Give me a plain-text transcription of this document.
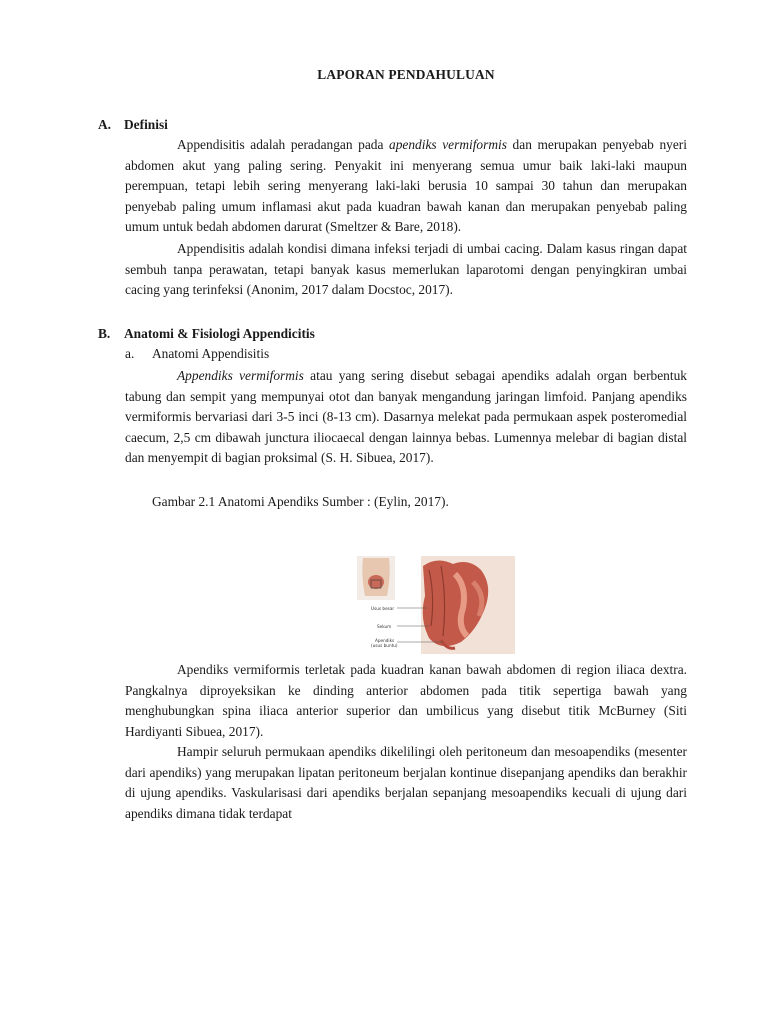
LAPORAN PENDAHULUAN
A. Definisi

Appendisitis adalah peradangan pada apendiks vermiformis dan merupakan penyebab nyeri abdomen akut yang paling sering. Penyakit ini menyerang semua umur baik laki-laki maupun perempuan, tetapi lebih sering menyerang laki-laki berusia 10 sampai 30 tahun dan merupakan penyebab paling umum inflamasi akut pada kuadran bawah kanan dan merupakan penyebab paling umum untuk bedah abdomen darurat (Smeltzer & Bare, 2018).

Appendisitis adalah kondisi dimana infeksi terjadi di umbai cacing. Dalam kasus ringan dapat sembuh tanpa perawatan, tetapi banyak kasus memerlukan laparotomi dengan penyingkiran umbai cacing yang terinfeksi (Anonim, 2017 dalam Docstoc, 2017).

B. Anatomi & Fisiologi Appendicitis
a. Anatomi Appendisitis

Appendiks vermiformis atau yang sering disebut sebagai apendiks adalah organ berbentuk tabung dan sempit yang mempunyai otot dan banyak mengandung jaringan limfoid. Panjang apendiks vermiformis bervariasi dari 3-5 inci (8-13 cm). Dasarnya melekat pada permukaan aspek posteromedial caecum, 2,5 cm dibawah junctura iliocaecal dengan lainnya bebas. Lumennya melebar di bagian distal dan menyempit di bagian proksimal (S. H. Sibuea, 2017).

Gambar 2.1 Anatomi Apendiks Sumber : (Eylin, 2017).
Usus besar
Sekum
Apendiks
(usus buntu)

Apendiks vermiformis terletak pada kuadran kanan bawah abdomen di region iliaca dextra. Pangkalnya diproyeksikan ke dinding anterior abdomen pada titik sepertiga bawah yang menghubungkan spina iliaca anterior superior dan umbilicus yang disebut titik McBurney (Siti Hardiyanti Sibuea, 2017).

Hampir seluruh permukaan apendiks dikelilingi oleh peritoneum dan mesoapendiks (mesenter dari apendiks) yang merupakan lipatan peritoneum berjalan kontinue disepanjang apendiks dan berakhir di ujung apendiks. Vaskularisasi dari apendiks berjalan sepanjang mesoapendiks kecuali di ujung dari apendiks dimana tidak terdapat
